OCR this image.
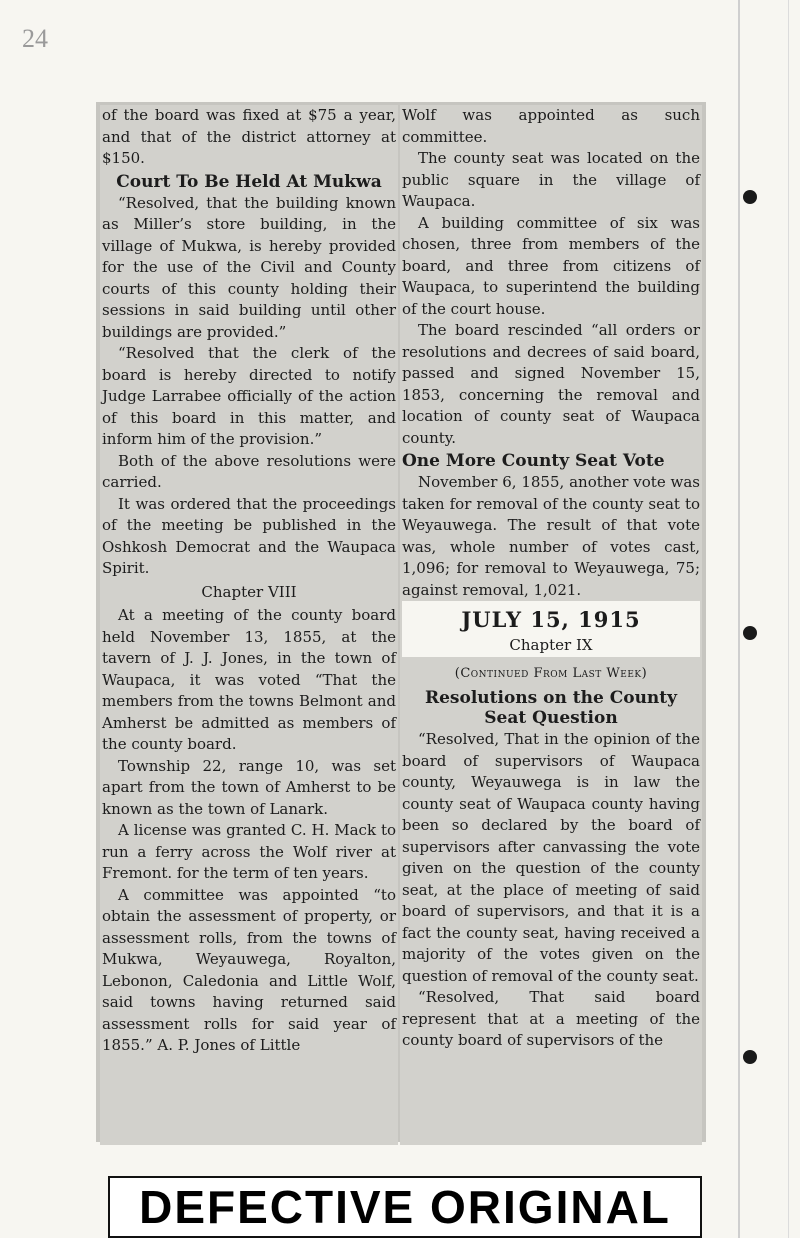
24

of the board was fixed at $75 a year, and that of the district attorney at $150.

Court To Be Held At Mukwa

“Resolved, that the building known as Miller’s store building, in the village of Mukwa, is hereby provided for the use of the Civil and County courts of this county holding their sessions in said building until other buildings are provided.”

“Resolved that the clerk of the board is hereby directed to notify Judge Larrabee officially of the action of this board in this matter, and inform him of the provision.”

Both of the above resolutions were carried.

It was ordered that the proceedings of the meeting be published in the Oshkosh Democrat and the Waupaca Spirit.

Chapter VIII

At a meeting of the county board held November 13, 1855, at the tavern of J. J. Jones, in the town of Waupaca, it was voted “That the members from the towns Belmont and Amherst be admitted as members of the county board.

Township 22, range 10, was set apart from the town of Amherst to be known as the town of Lanark.

A license was granted C. H. Mack to run a ferry across the Wolf river at Fremont. for the term of ten years.

A committee was appointed “to obtain the assessment of property, or assessment rolls, from the towns of Mukwa, Weyauwega, Royalton, Lebonon, Caledonia and Little Wolf, said towns having returned said assessment rolls for said year of 1855.” A. P. Jones of Little

Wolf was appointed as such committee.

The county seat was located on the public square in the village of Waupaca.

A building committee of six was chosen, three from members of the board, and three from citizens of Waupaca, to superintend the building of the court house.

The board rescinded “all orders or resolutions and decrees of said board, passed and signed November 15, 1853, concerning the removal and location of county seat of Waupaca county.

One More County Seat Vote

November 6, 1855, another vote was taken for removal of the county seat to Weyauwega. The result of that vote was, whole number of votes cast, 1,096; for removal to Weyauwega, 75; against removal, 1,021.

JULY 15, 1915
Chapter IX
(Continued From Last Week)
Resolutions on the County Seat Question

“Resolved, That in the opinion of the board of supervisors of Waupaca county, Weyauwega is in law the county seat of Waupaca county having been so declared by the board of supervisors after canvassing the vote given on the question of the county seat, at the place of meeting of said board of supervisors, and that it is a fact the county seat, having received a majority of the votes given on the question of removal of the county seat.

“Resolved, That said board represent that at a meeting of the county board of supervisors of the

DEFECTIVE ORIGINAL
